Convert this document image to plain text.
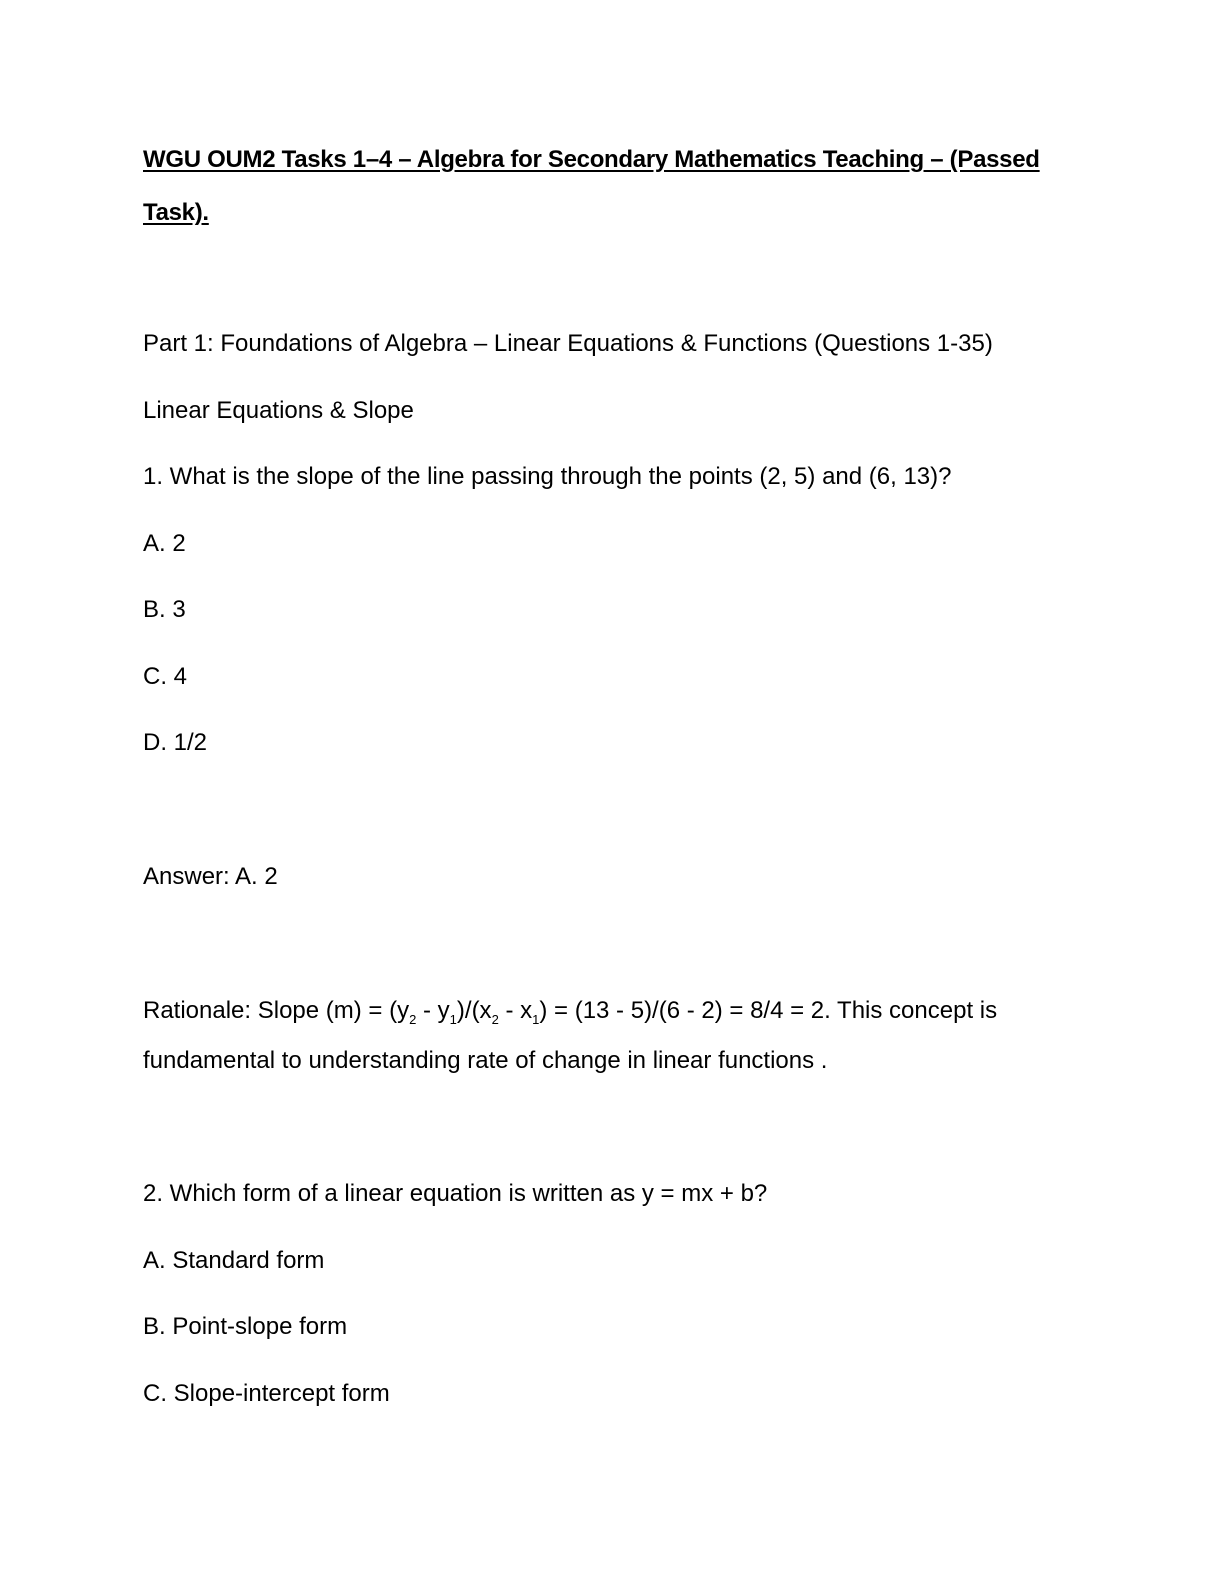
WGU OUM2 Tasks 1–4 – Algebra for Secondary Mathematics Teaching – (Passed
Task).
Part 1: Foundations of Algebra – Linear Equations & Functions (Questions 1-35)
Linear Equations & Slope
1. What is the slope of the line passing through the points (2, 5) and (6, 13)?
A. 2
B. 3
C. 4
D. 1/2
Answer: A. 2
Rationale: Slope $(m) = (y_2 - y_1)/(x_2 - x_1) = (13 - 5)/(6 - 2) = 8/4 = 2$. This concept is
fundamental to understanding rate of change in linear functions .
2. Which form of a linear equation is written as y = mx + b?
A. Standard form
B. Point-slope form
C. Slope-intercept form
